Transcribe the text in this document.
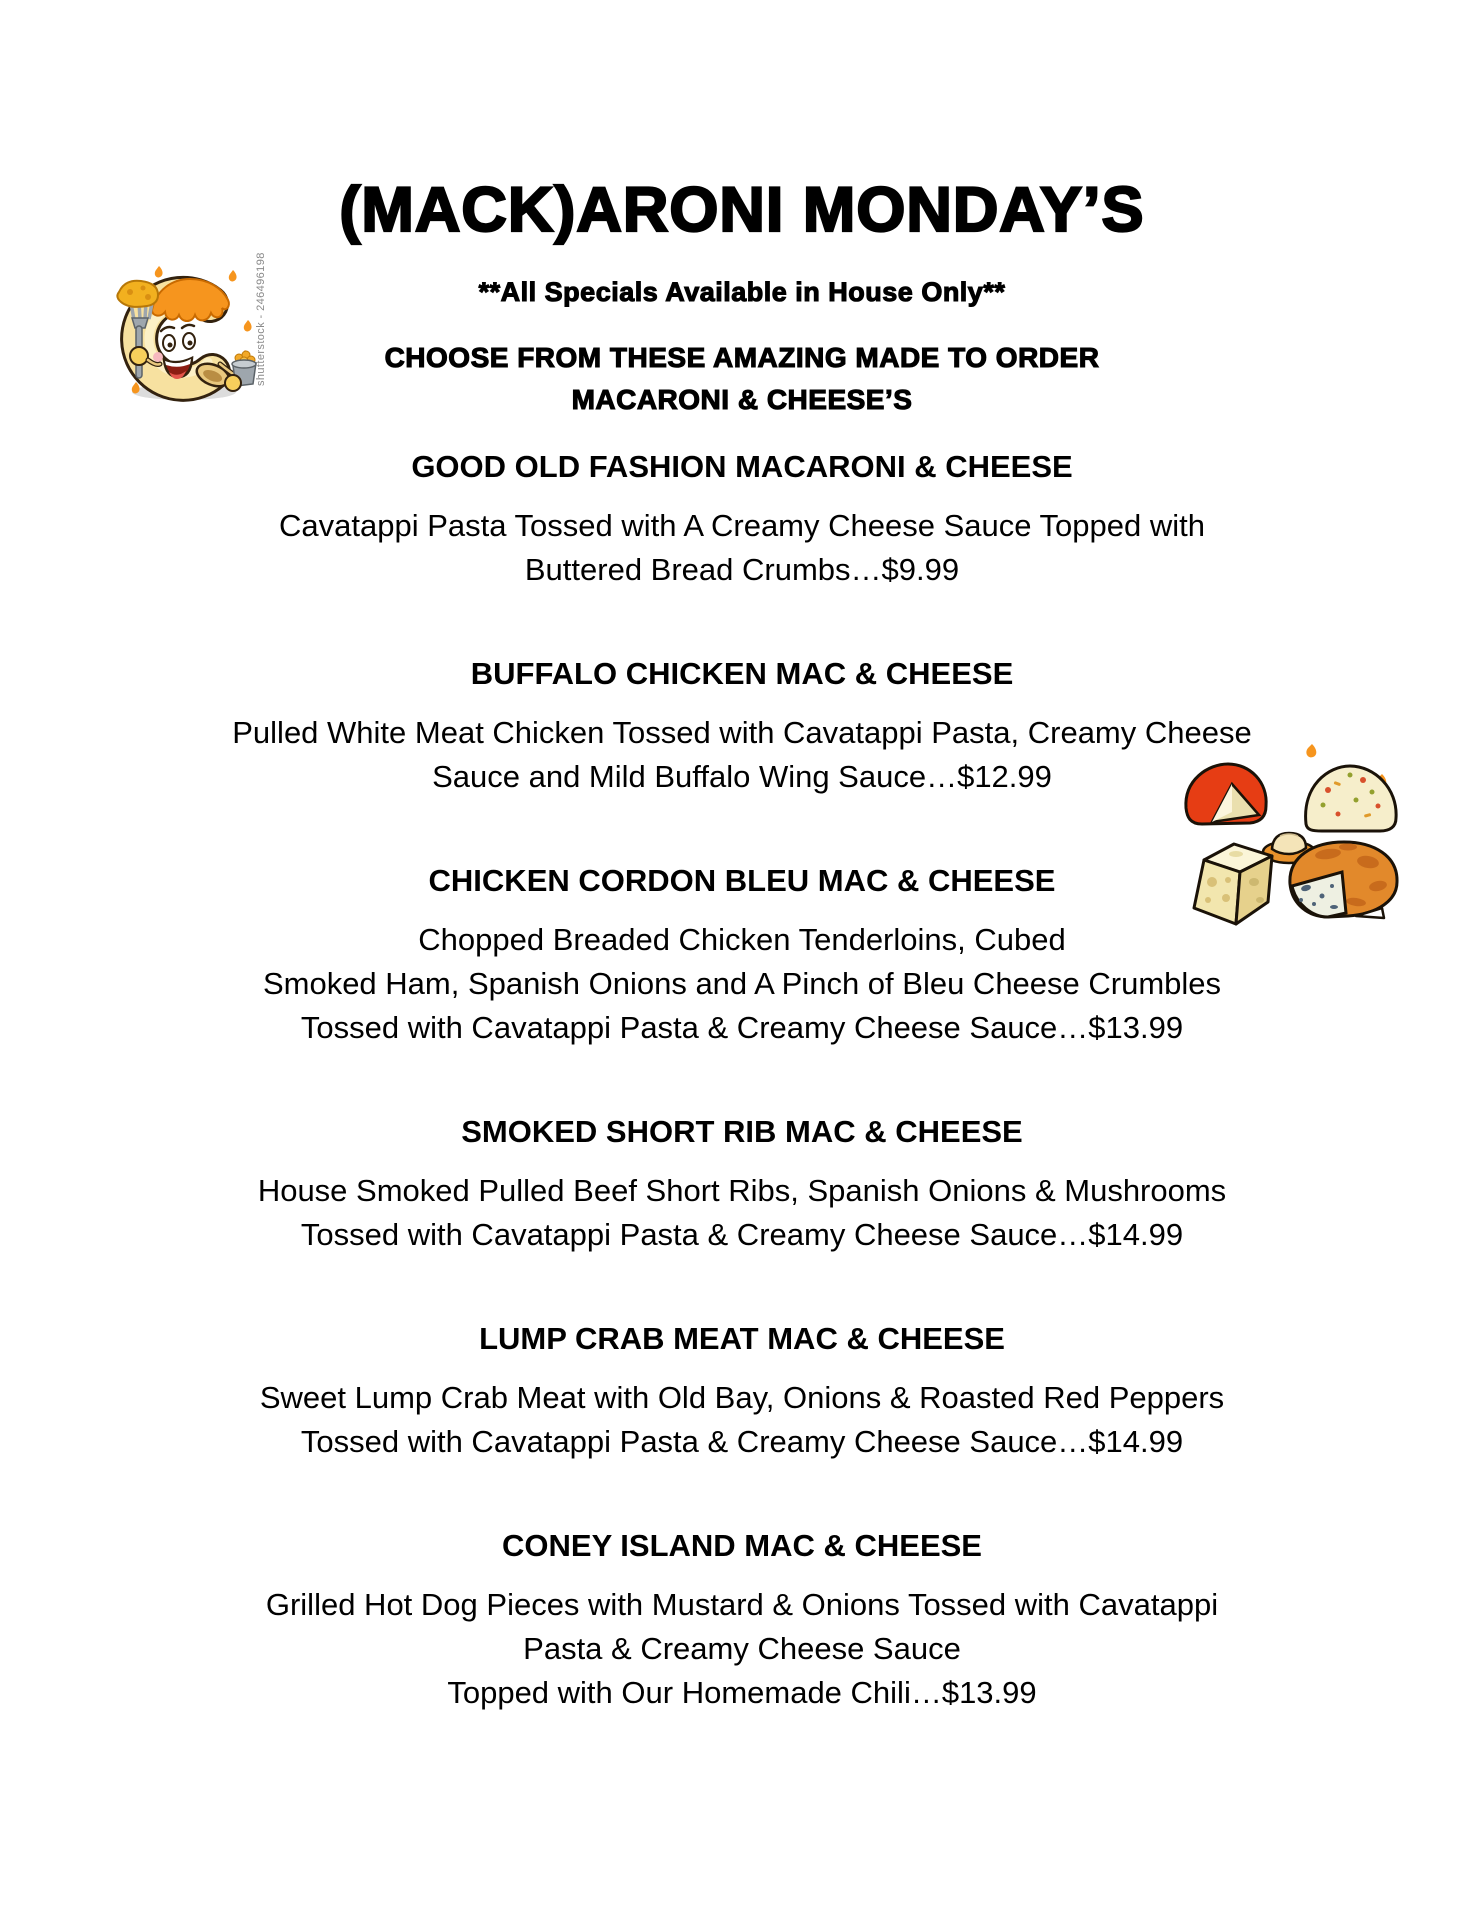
(MACK)ARONI MONDAY’S
shutterstock - 246496198	**All Specials Available in House Only**
CHOOSE FROM THESE AMAZING MADE TO ORDER
MACARONI & CHEESE’S
GOOD OLD FASHION MACARONI & CHEESE

Cavatappi Pasta Tossed with A Creamy Cheese Sauce Topped with

Buttered Bread Crumbs…$9.99

BUFFALO CHICKEN MAC & CHEESE

Pulled White Meat Chicken Tossed with Cavatappi Pasta, Creamy Cheese

Sauce and Mild Buffalo Wing Sauce…$12.99

CHICKEN CORDON BLEU MAC & CHEESE

Chopped Breaded Chicken Tenderloins, Cubed

Smoked Ham, Spanish Onions and A Pinch of Bleu Cheese Crumbles

Tossed with Cavatappi Pasta & Creamy Cheese Sauce…$13.99

SMOKED SHORT RIB MAC & CHEESE

House Smoked Pulled Beef Short Ribs, Spanish Onions & Mushrooms

Tossed with Cavatappi Pasta & Creamy Cheese Sauce…$14.99

LUMP CRAB MEAT MAC & CHEESE

Sweet Lump Crab Meat with Old Bay, Onions & Roasted Red Peppers

Tossed with Cavatappi Pasta & Creamy Cheese Sauce…$14.99

CONEY ISLAND MAC & CHEESE

Grilled Hot Dog Pieces with Mustard & Onions Tossed with Cavatappi

Pasta & Creamy Cheese Sauce

Topped with Our Homemade Chili…$13.99
